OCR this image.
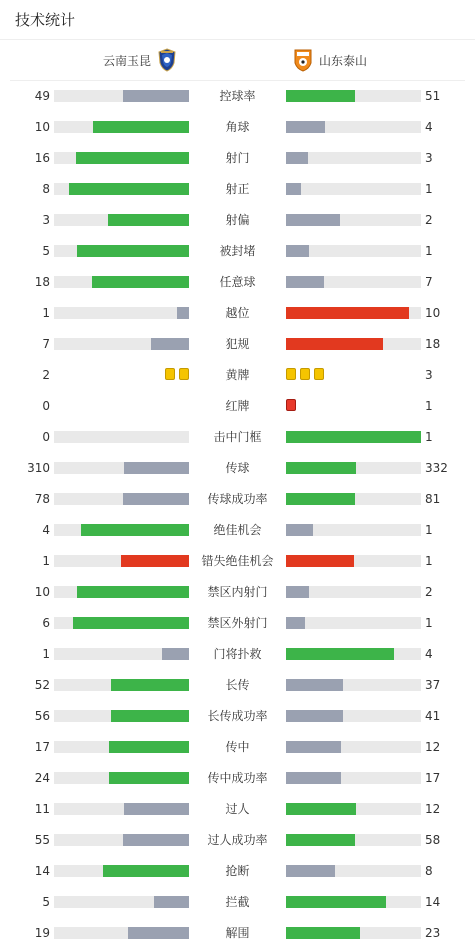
技术统计
云南玉昆	山东泰山
49	控球率	51
10	角球	4
16	射门	3
8	射正	1
3	射偏	2
5	被封堵	1
18	任意球	7
1	越位	10
7	犯规	18
2	黄牌	3
0	红牌	1
0	击中门框	1
310	传球	332
78	传球成功率	81
4	绝佳机会	1
1	错失绝佳机会	1
10	禁区内射门	2
6	禁区外射门	1
1	门将扑救	4
52	长传	37
56	长传成功率	41
17	传中	12
24	传中成功率	17
11	过人	12
55	过人成功率	58
14	抢断	8
5	拦截	14
19	解围	23
